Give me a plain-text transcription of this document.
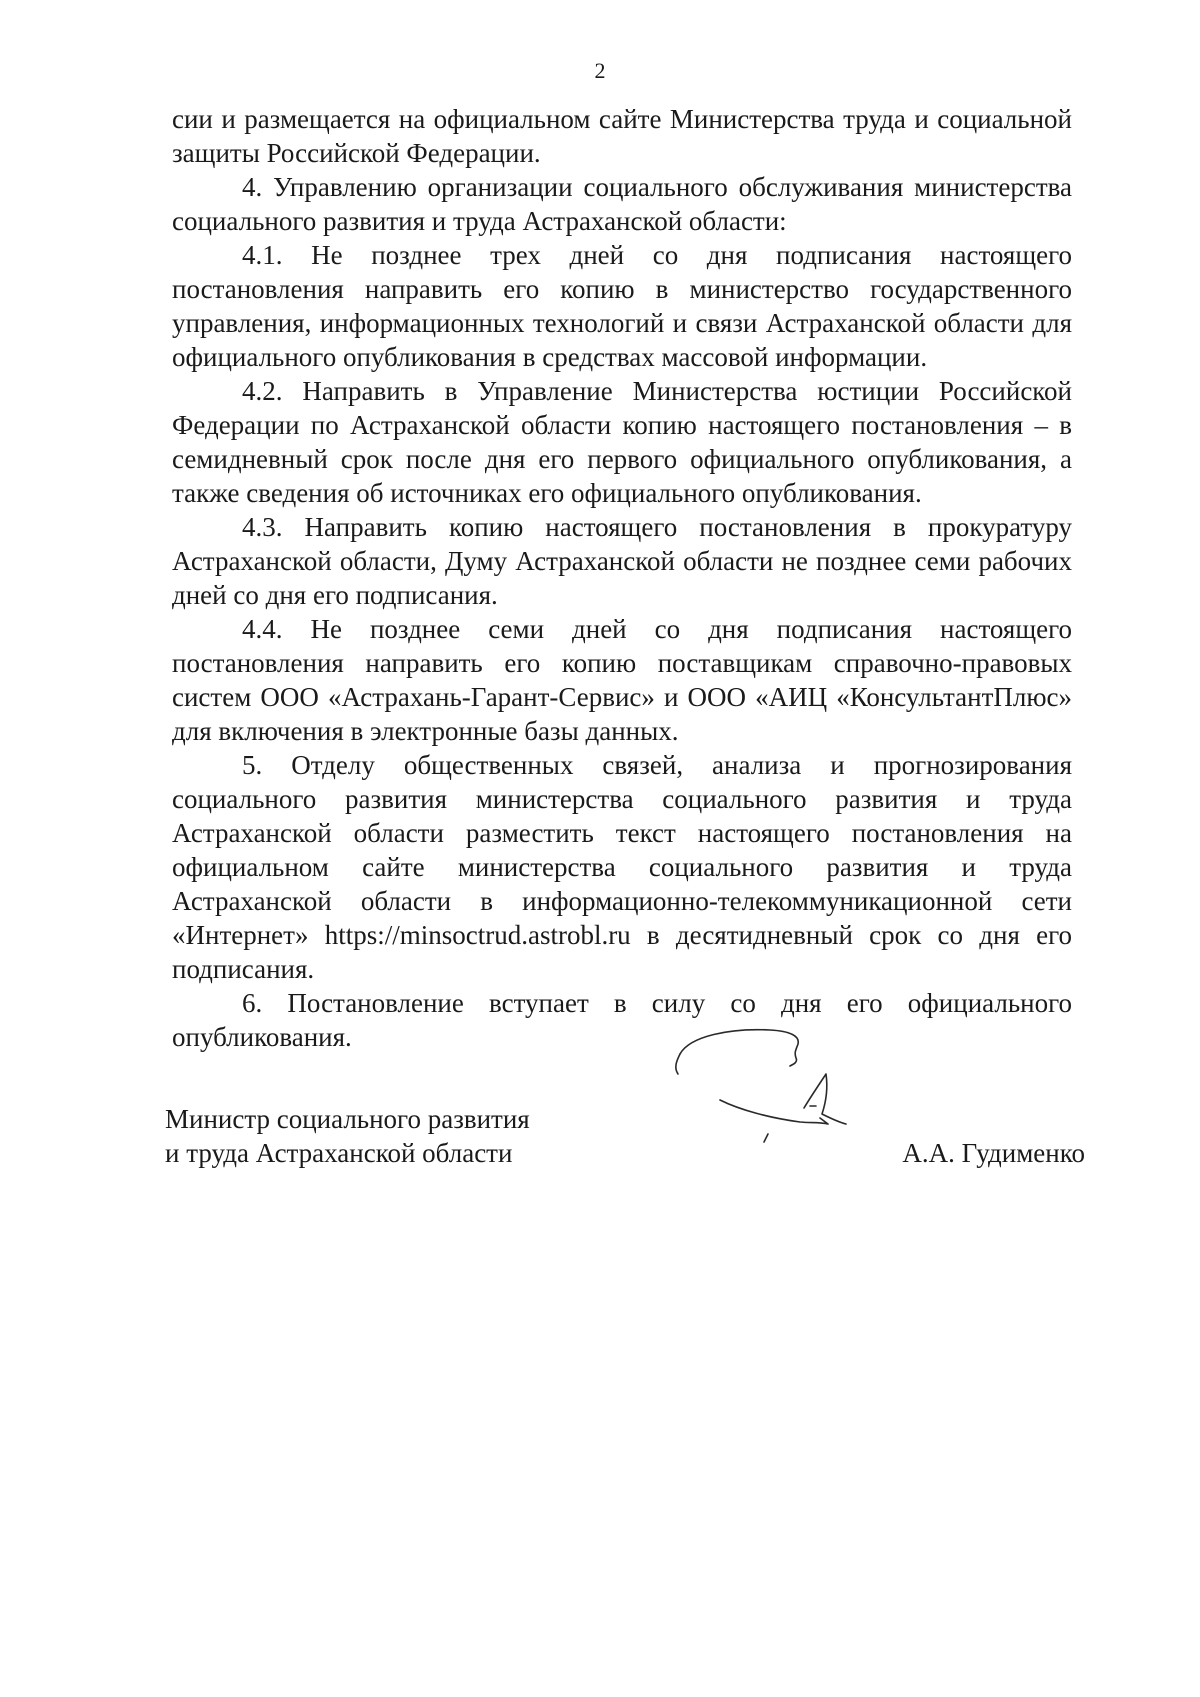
2

сии и размещается на официальном сайте Министерства труда и социальной защиты Российской Федерации.

4. Управлению организации социального обслуживания министерства социального развития и труда Астраханской области:

4.1. Не позднее трех дней со дня подписания настоящего постановления направить его копию в министерство государственного управления, информационных технологий и связи Астраханской области для официального опубликования в средствах массовой информации.

4.2. Направить в Управление Министерства юстиции Российской Федерации по Астраханской области копию настоящего постановления – в семидневный срок после дня его первого официального опубликования, а также сведения об источниках его официального опубликования.

4.3. Направить копию настоящего постановления в прокуратуру Астраханской области, Думу Астраханской области не позднее семи рабочих дней со дня его подписания.

4.4. Не позднее семи дней со дня подписания настоящего постановления направить его копию поставщикам справочно-правовых систем ООО «Астрахань-Гарант-Сервис» и ООО «АИЦ «КонсультантПлюс» для включения в электронные базы данных.

5. Отделу общественных связей, анализа и прогнозирования социального развития министерства социального развития и труда Астраханской области разместить текст настоящего постановления на официальном сайте министерства социального развития и труда Астраханской области в информационно-телекоммуникационной сети «Интернет» https://minsoctrud.astrobl.ru в десятидневный срок со дня его подписания.

6. Постановление вступает в силу со дня его официального опубликования.

Министр социального развития
и труда Астраханской области	А.А. Гудименко
